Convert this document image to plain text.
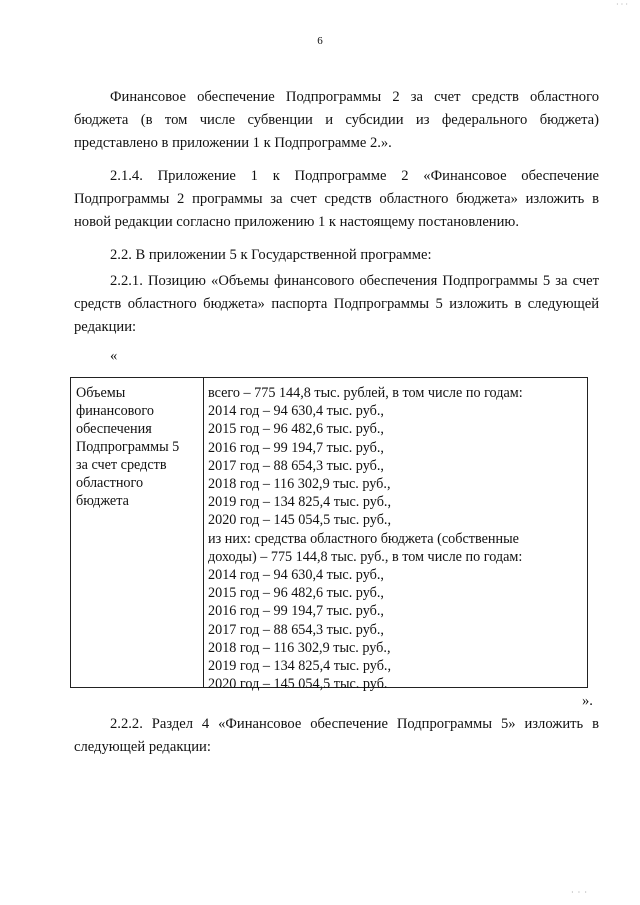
· · ·
6

Финансовое обеспечение Подпрограммы 2 за счет средств областного бюджета (в том числе субвенции и субсидии из федерального бюджета) представлено в приложении 1 к Подпрограмме 2.».

2.1.4. Приложение 1 к Подпрограмме 2 «Финансовое обеспечение Подпрограммы 2 программы за счет средств областного бюджета» изложить в новой редакции согласно приложению 1 к настоящему постановлению.

2.2. В приложении 5 к Государственной программе:

2.2.1. Позицию «Объемы финансового обеспечения Подпрограммы 5 за счет средств областного бюджета» паспорта Подпрограммы 5 изложить в следующей редакции:

«
Объемы
финансового
обеспечения
Подпрограммы 5
за счет средств
областного
бюджета
всего – 775 144,8 тыс. рублей, в том числе по годам:
2014 год – 94 630,4 тыс. руб.,
2015 год – 96 482,6 тыс. руб.,
2016 год – 99 194,7 тыс. руб.,
2017 год – 88 654,3 тыс. руб.,
2018 год – 116 302,9 тыс. руб.,
2019 год – 134 825,4 тыс. руб.,
2020 год – 145 054,5 тыс. руб.,
из них: средства областного бюджета (собственные
доходы) – 775 144,8 тыс. руб., в том числе по годам:
2014 год – 94 630,4 тыс. руб.,
2015 год – 96 482,6 тыс. руб.,
2016 год – 99 194,7 тыс. руб.,
2017 год – 88 654,3 тыс. руб.,
2018 год – 116 302,9 тыс. руб.,
2019 год – 134 825,4 тыс. руб.,
2020 год – 145 054,5 тыс. руб.
».

2.2.2. Раздел 4 «Финансовое обеспечение Подпрограммы 5» изложить в следующей редакции:

· · ·
